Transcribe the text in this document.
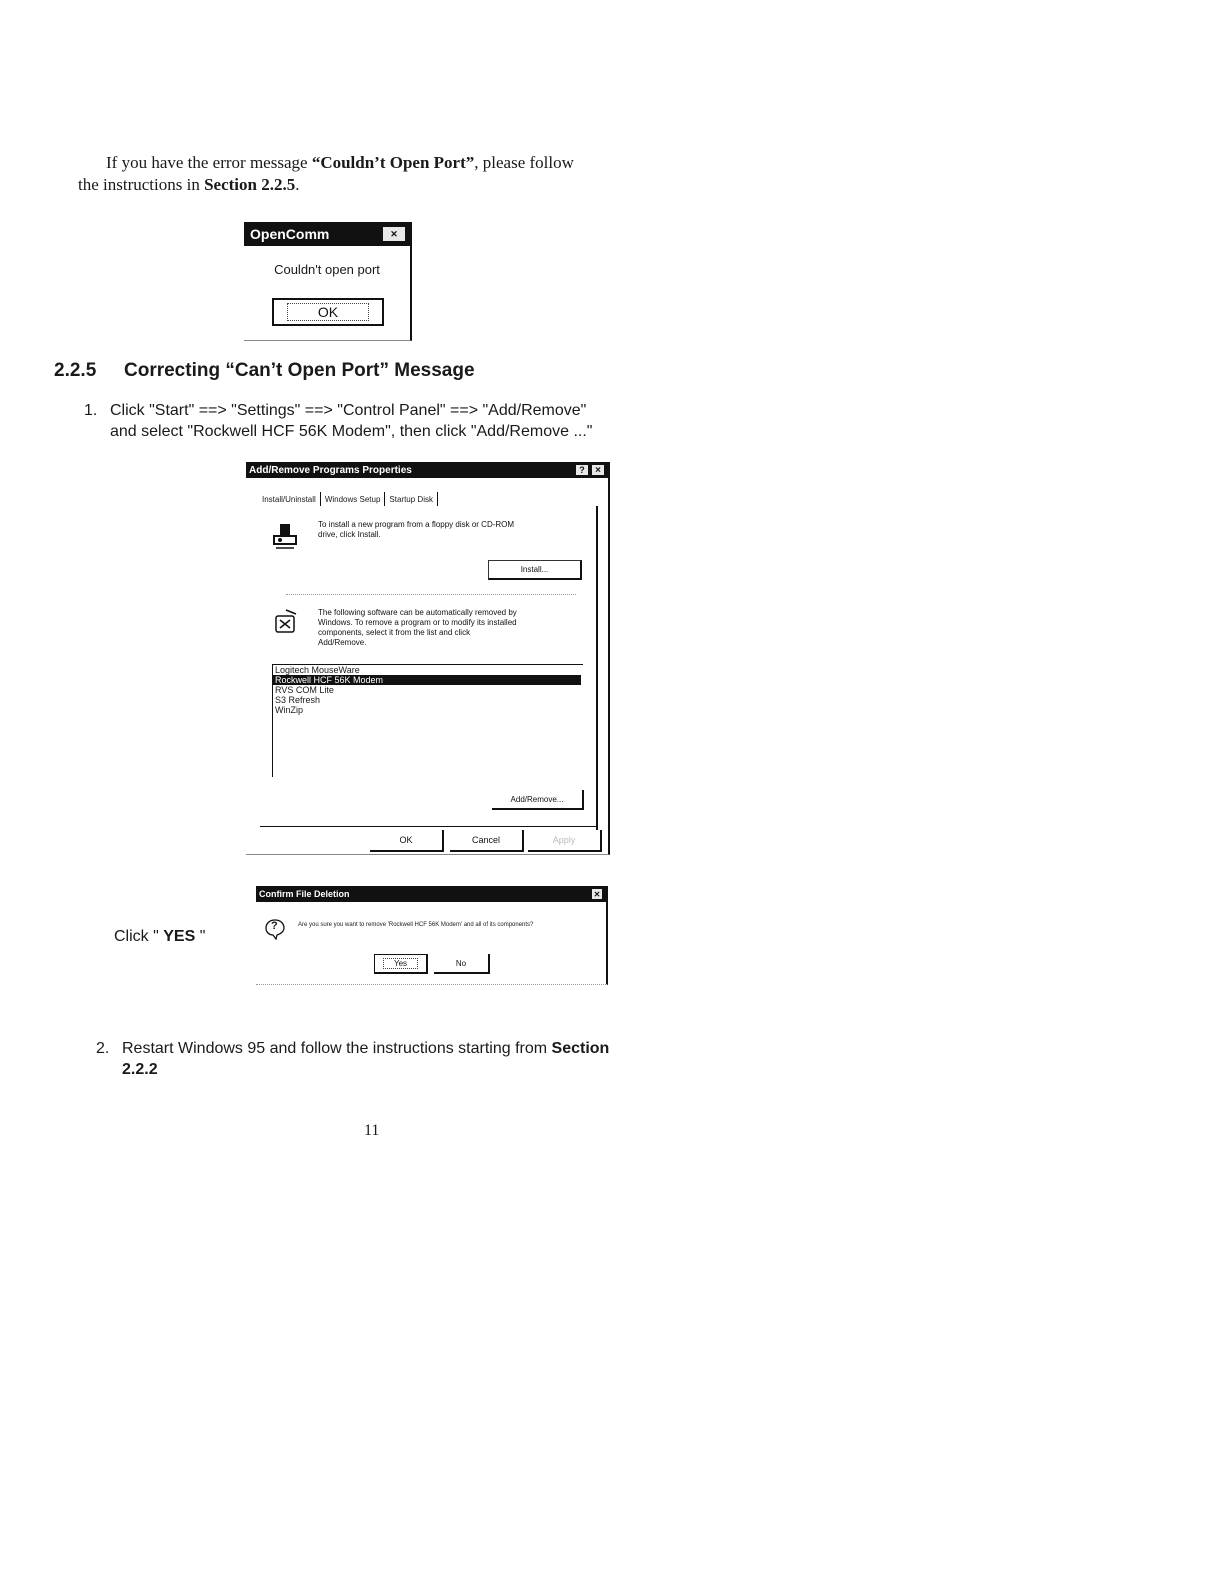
If you have the error message “Couldn’t Open Port”, please follow
the instructions in Section 2.2.5.
OpenComm	✕
Couldn't open port
OK
2.2.5 Correcting “Can’t Open Port” Message
1. Click "Start" ==> "Settings" ==> "Control Panel" ==> "Add/Remove"
and select "Rockwell HCF 56K Modem", then click "Add/Remove ..."
Add/Remove Programs Properties	?	×
Install/Uninstall	Windows Setup	Startup Disk
To install a new program from a floppy disk or CD-ROM
drive, click Install.
Install...
The following software can be automatically removed by
Windows. To remove a program or to modify its installed
components, select it from the list and click
Add/Remove.
Logitech MouseWare
Rockwell HCF 56K Modem
RVS COM Lite
S3 Refresh
WinZip
Add/Remove...
OK	Cancel	Apply
Click " YES "
Confirm File Deletion	✕
?	Are you sure you want to remove 'Rockwell HCF 56K Modem' and all of its components?
Yes	No
2. Restart Windows 95 and follow the instructions starting from Section
2.2.2
11
